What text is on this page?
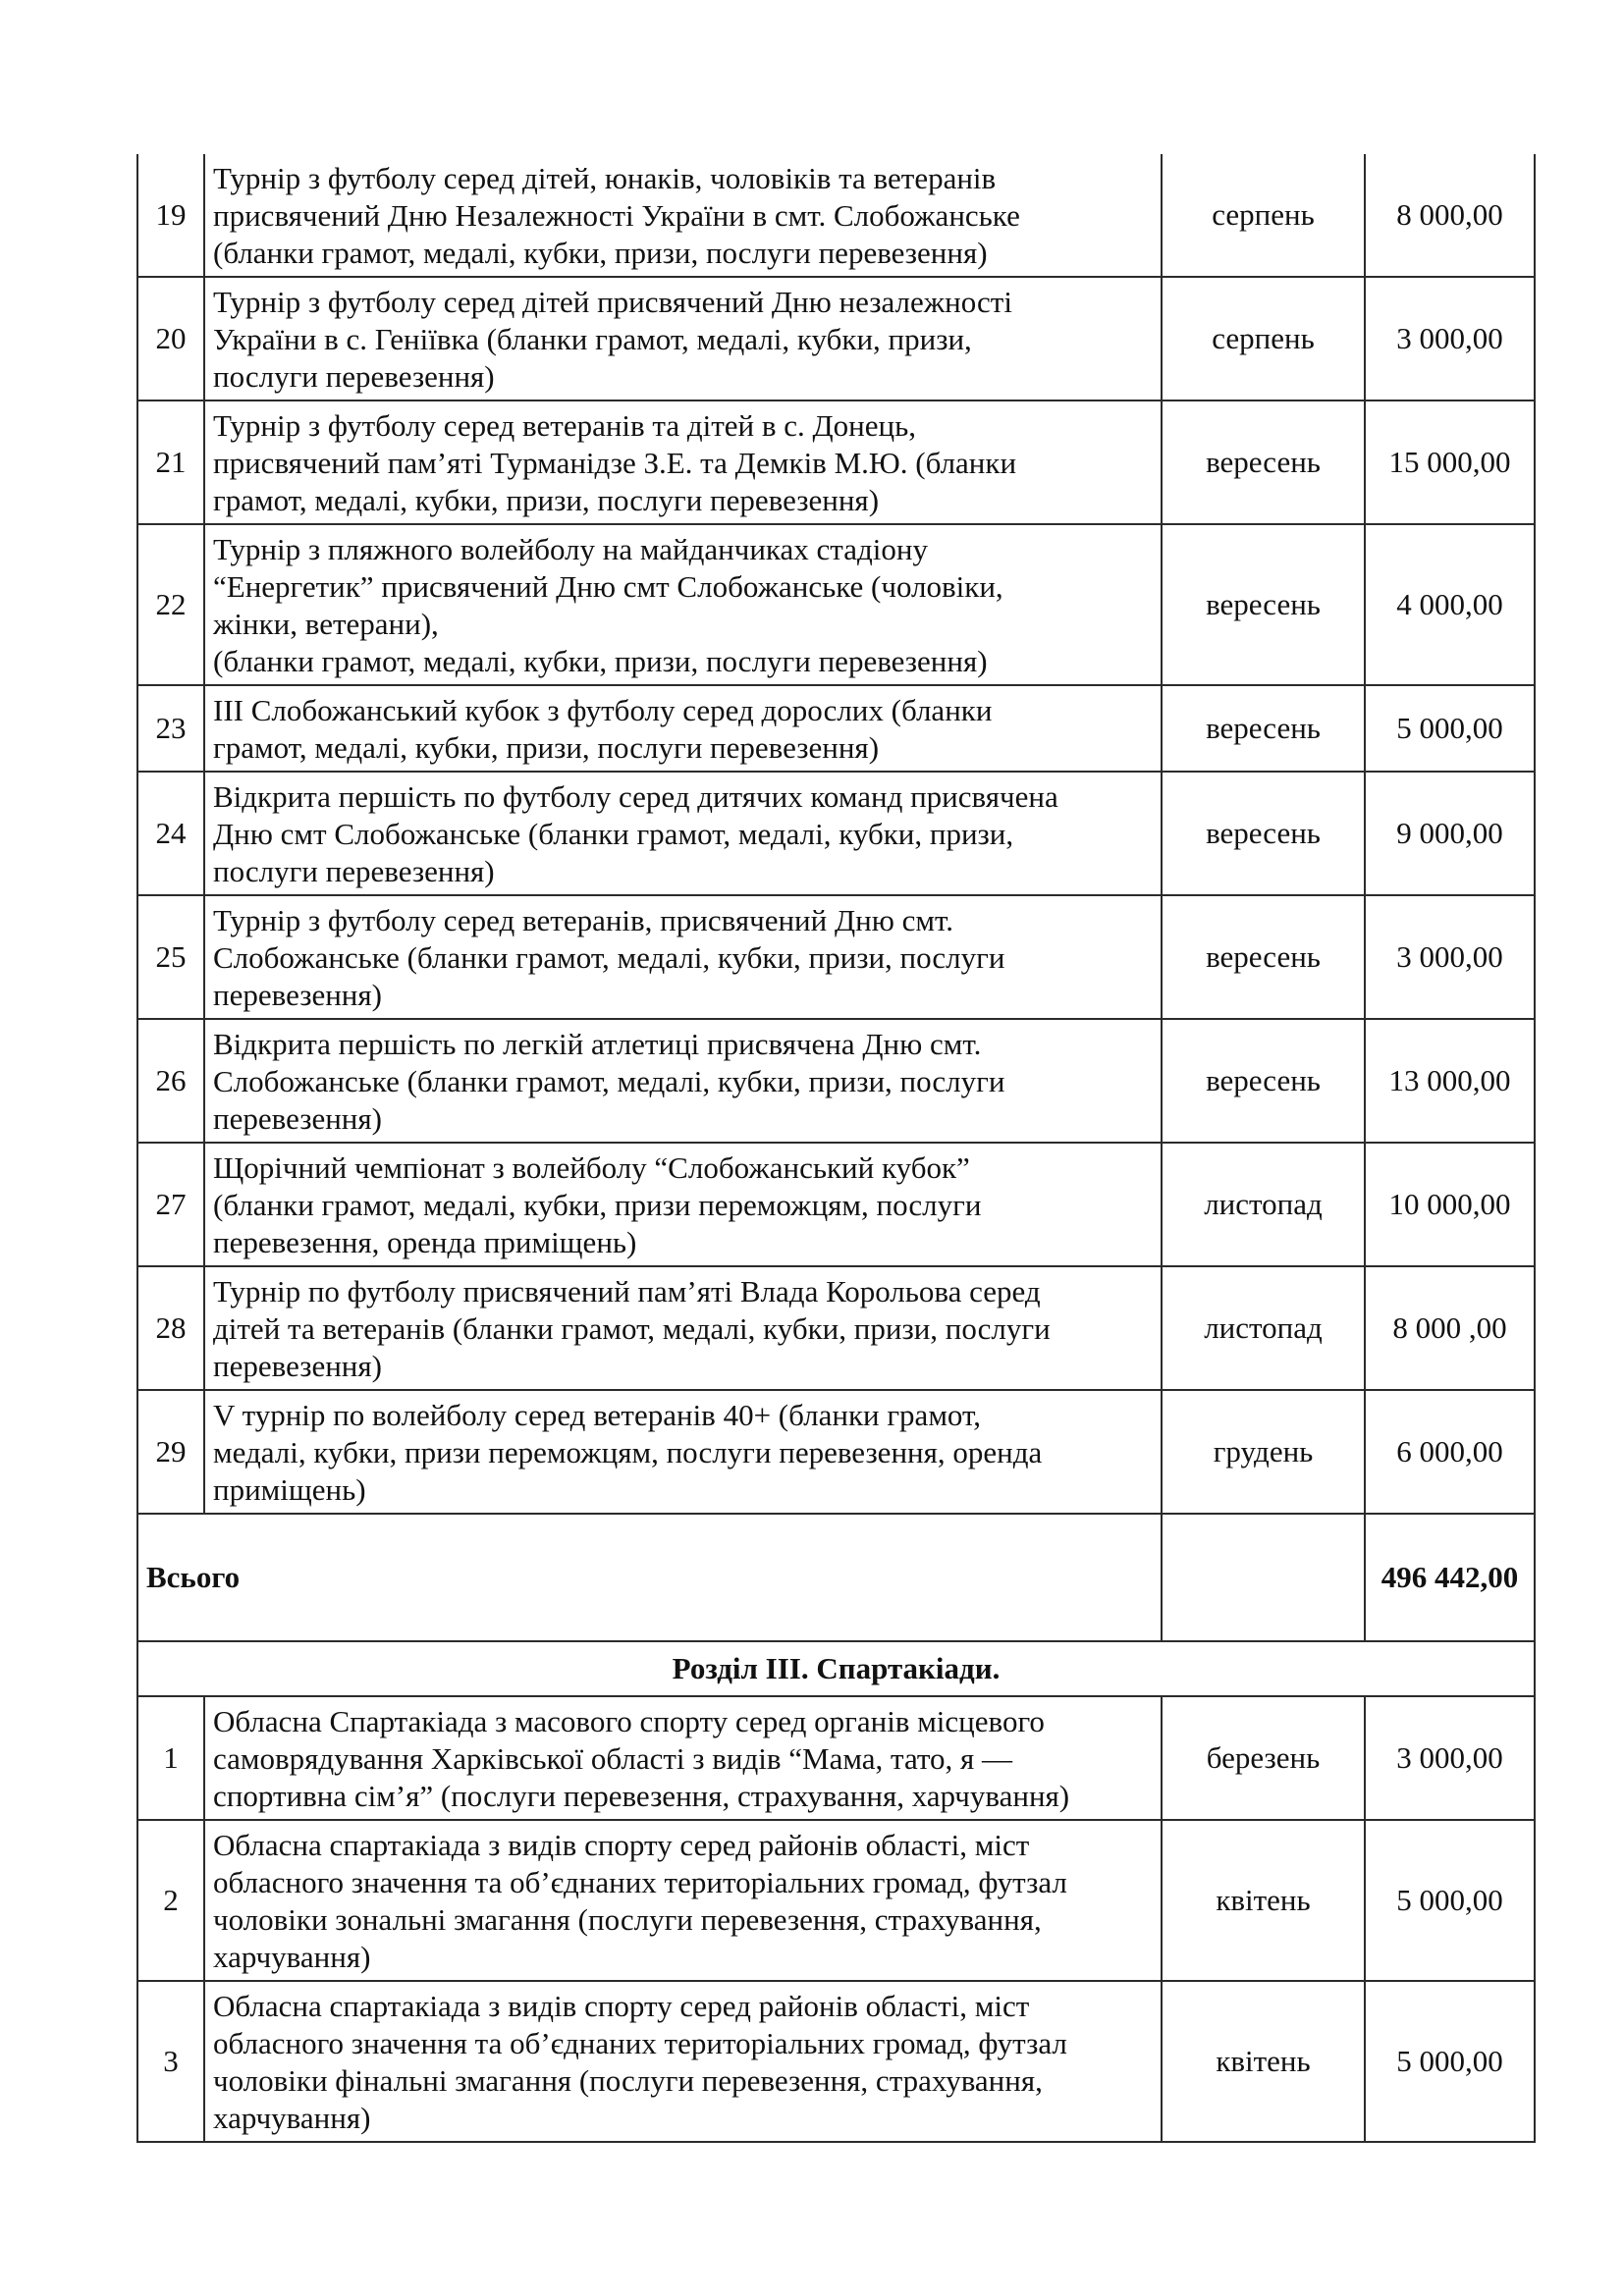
19	Турнір з футболу серед дітей, юнаків, чоловіків та ветеранів
присвячений Дню Незалежності України в смт. Слобожанське
(бланки грамот, медалі, кубки, призи, послуги перевезення)	серпень	8 000,00
20	Турнір з футболу серед дітей присвячений Дню незалежності
України в с. Геніївка (бланки грамот, медалі, кубки, призи,
послуги перевезення)	серпень	3 000,00
21	Турнір з футболу серед ветеранів та дітей в с. Донець,
присвячений пам’яті Турманідзе З.Е. та Демків М.Ю. (бланки
грамот, медалі, кубки, призи, послуги перевезення)	вересень	15 000,00
22	Турнір з пляжного волейболу на майданчиках стадіону
“Енергетик” присвячений Дню смт Слобожанське (чоловіки,
жінки, ветерани),
(бланки грамот, медалі, кубки, призи, послуги перевезення)	вересень	4 000,00
23	ІІІ Слобожанський кубок з футболу серед дорослих (бланки
грамот, медалі, кубки, призи, послуги перевезення)	вересень	5 000,00
24	Відкрита першість по футболу серед дитячих команд присвячена
Дню смт Слобожанське (бланки грамот, медалі, кубки, призи,
послуги перевезення)	вересень	9 000,00
25	Турнір з футболу серед ветеранів, присвячений Дню смт.
Слобожанське (бланки грамот, медалі, кубки, призи, послуги
перевезення)	вересень	3 000,00
26	Відкрита першість по легкій атлетиці присвячена Дню смт.
Слобожанське (бланки грамот, медалі, кубки, призи, послуги
перевезення)	вересень	13 000,00
27	Щорічний чемпіонат з волейболу “Слобожанський кубок”
(бланки грамот, медалі, кубки, призи переможцям, послуги
перевезення, оренда приміщень)	листопад	10 000,00
28	Турнір по футболу присвячений пам’яті Влада Корольова серед
дітей та ветеранів (бланки грамот, медалі, кубки, призи, послуги
перевезення)	листопад	8 000 ,00
29	V турнір по волейболу серед ветеранів 40+ (бланки грамот,
медалі, кубки, призи переможцям, послуги перевезення, оренда
приміщень)	грудень	6 000,00
Всього			496 442,00
Розділ ІІІ. Спартакіади.			
1	Обласна Спартакіада з масового спорту серед органів місцевого
самоврядування Харківської області з видів “Мама, тато, я —
спортивна сім’я” (послуги перевезення, страхування, харчування)	березень	3 000,00
2	Обласна спартакіада з видів спорту серед районів області, міст
обласного значення та об’єднаних територіальних громад, футзал
чоловіки зональні змагання (послуги перевезення, страхування,
харчування)	квітень	5 000,00
3	Обласна спартакіада з видів спорту серед районів області, міст
обласного значення та об’єднаних територіальних громад, футзал
чоловіки фінальні змагання (послуги перевезення, страхування,
харчування)	квітень	5 000,00
